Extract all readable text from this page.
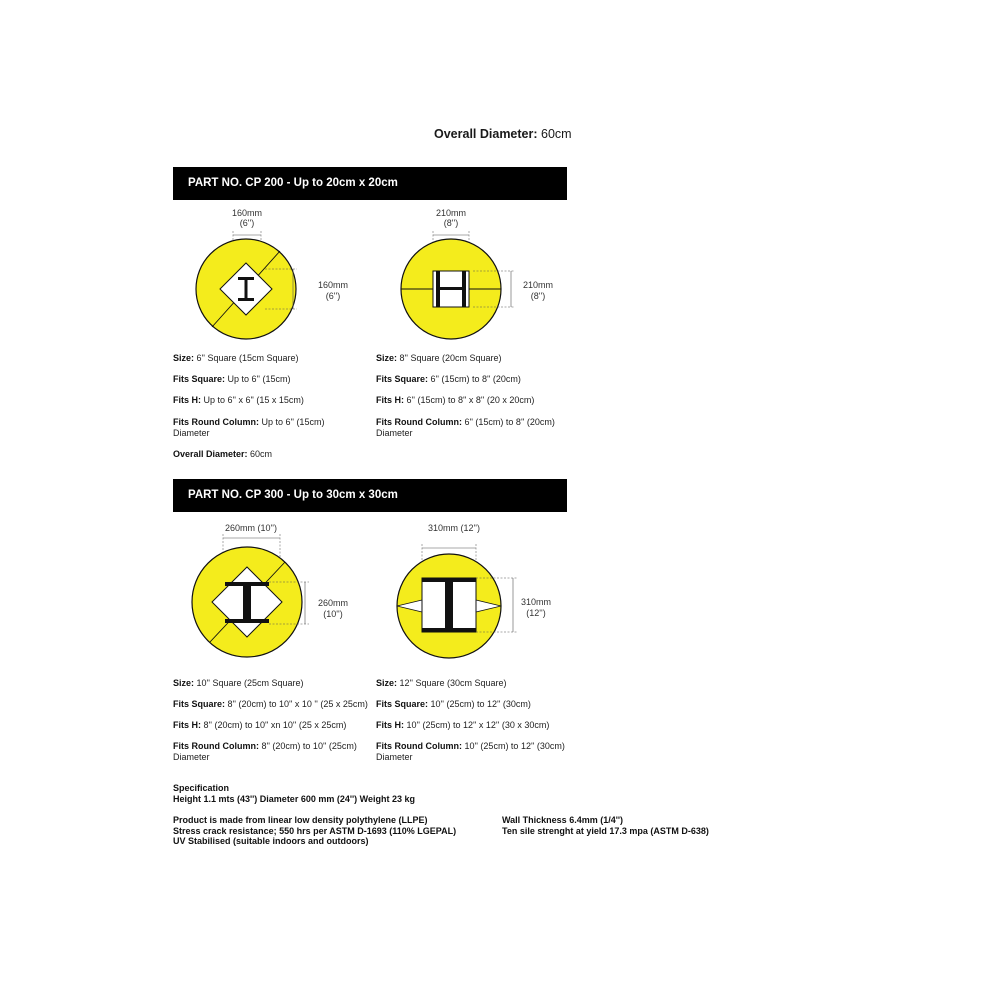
Overall Diameter: 60cm
PART NO. CP 200 - Up to 20cm x 20cm
160mm
(6'')
160mm
(6'')
210mm
(8'')
210mm
(8'')
Size: 6'' Square (15cm Square)
Fits Square: Up to 6'' (15cm)
Fits H: Up to 6'' x 6'' (15 x 15cm)
Fits Round Column: Up to 6'' (15cm)
Diameter
Overall Diameter: 60cm
Size: 8'' Square (20cm Square)
Fits Square: 6'' (15cm) to 8'' (20cm)
Fits H: 6'' (15cm) to 8'' x 8'' (20 x 20cm)
Fits Round Column: 6'' (15cm) to 8'' (20cm)
Diameter
PART NO. CP 300 - Up to 30cm x 30cm
260mm (10'')
260mm
(10'')
310mm (12'')
310mm
(12'')
Size: 10'' Square (25cm Square)
Fits Square: 8'' (20cm) to 10'' x 10 '' (25 x 25cm)
Fits H: 8'' (20cm) to 10'' xn 10'' (25 x 25cm)
Fits Round Column: 8'' (20cm) to 10'' (25cm)
Diameter
Size: 12'' Square (30cm Square)
Fits Square: 10'' (25cm) to 12'' (30cm)
Fits H: 10'' (25cm) to 12'' x 12'' (30 x 30cm)
Fits Round Column: 10'' (25cm) to 12'' (30cm)
Diameter
Specification
Height 1.1 mts (43'') Diameter 600 mm (24'') Weight 23 kg
Product is made from linear low density polythylene (LLPE)
Stress crack resistance; 550 hrs per ASTM D-1693 (110% LGEPAL)
UV Stabilised (suitable indoors and outdoors)
Wall Thickness 6.4mm (1/4'')
Ten sile strenght at yield 17.3 mpa (ASTM D-638)
